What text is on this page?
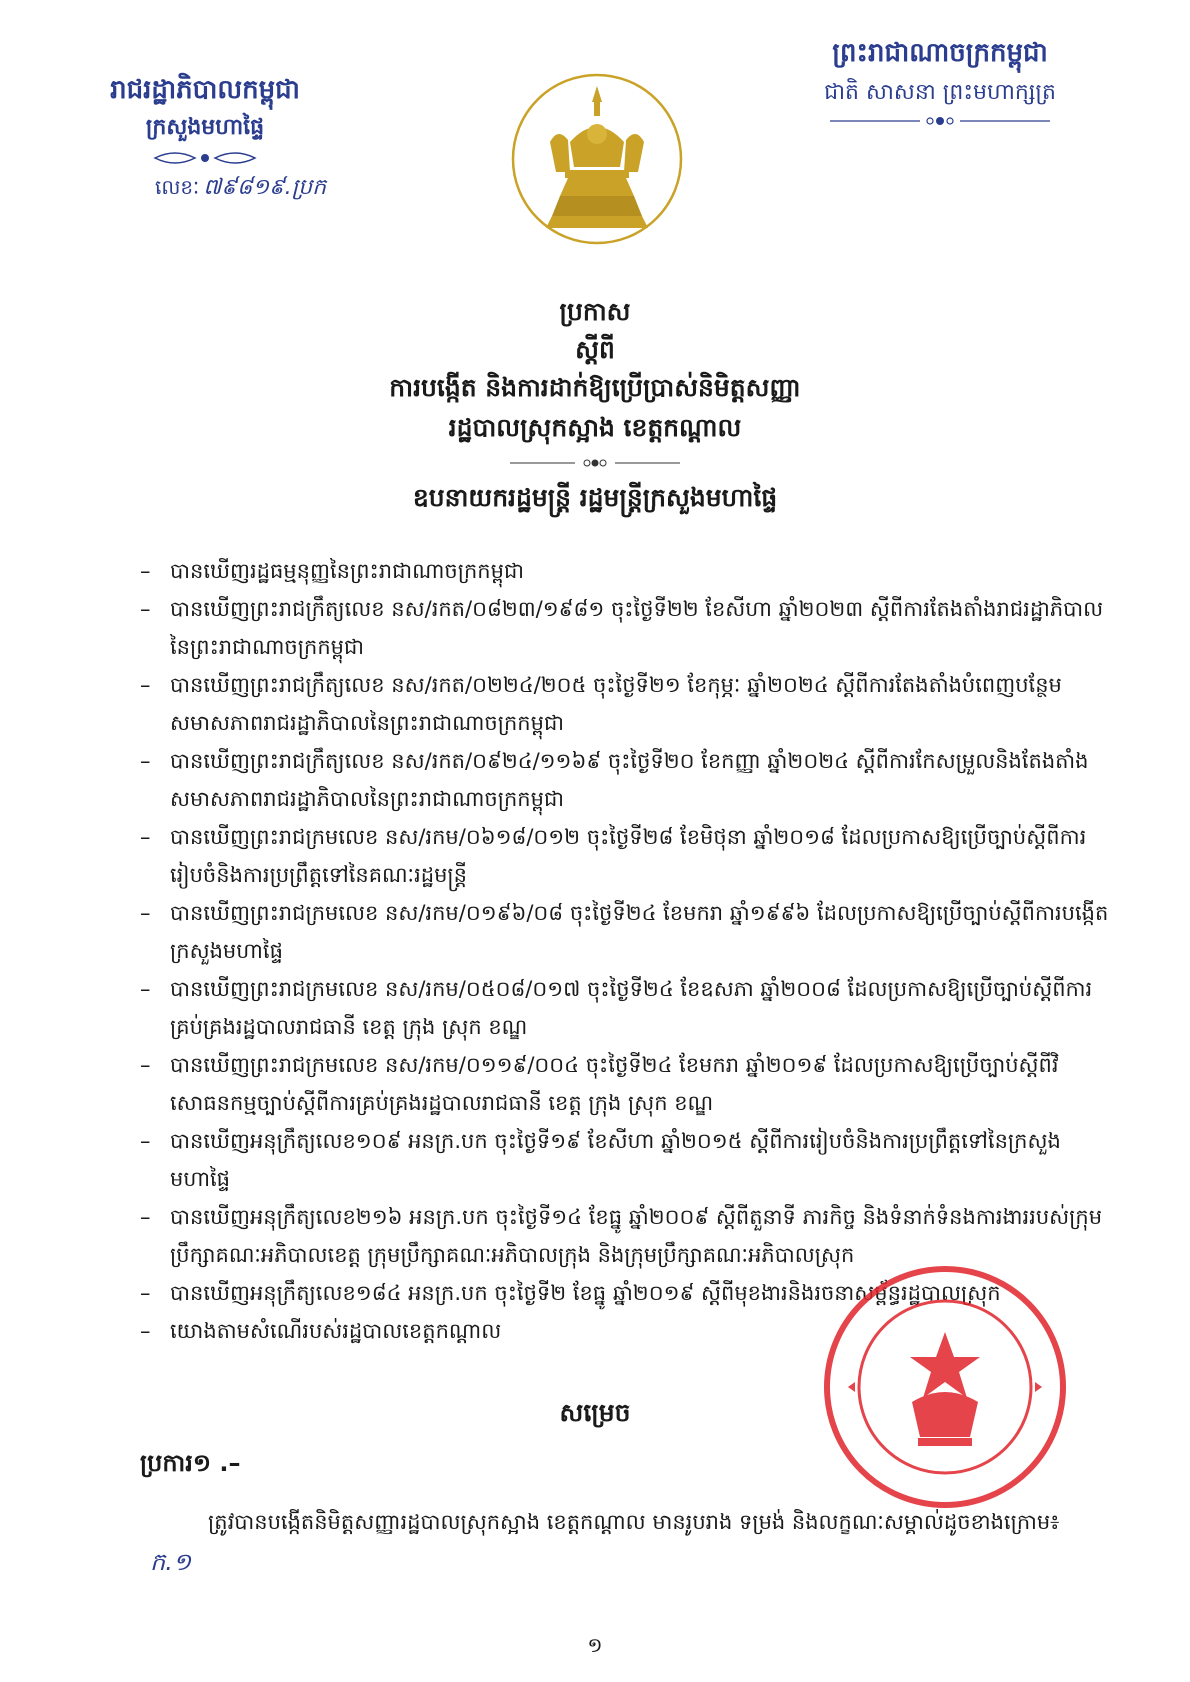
រាជរដ្ឋាភិបាលកម្ពុជា
ក្រសួងមហាផ្ទៃ
លេខៈ ៧៩៨១៩.ប្រក
ព្រះរាជាណាចក្រកម្ពុជា
ជាតិ សាសនា ព្រះមហាក្សត្រ
ប្រកាស
ស្តីពី
ការបង្កើត និងការដាក់ឱ្យប្រើប្រាស់និមិត្តសញ្ញា
រដ្ឋបាលស្រុកស្អាង ខេត្តកណ្តាល
ឧបនាយករដ្ឋមន្ត្រី រដ្ឋមន្ត្រីក្រសួងមហាផ្ទៃ
– បានឃើញរដ្ឋធម្មនុញ្ញនៃព្រះរាជាណាចក្រកម្ពុជា
– បានឃើញព្រះរាជក្រឹត្យលេខ នស/រកត/០៨២៣/១៩៨១ ចុះថ្ងៃទី២២ ខែសីហា ឆ្នាំ២០២៣ ស្តីពីការតែងតាំងរាជរដ្ឋាភិបាលនៃព្រះរាជាណាចក្រកម្ពុជា
– បានឃើញព្រះរាជក្រឹត្យលេខ នស/រកត/០២២៤/២០៥ ចុះថ្ងៃទី២១ ខែកុម្ភៈ ឆ្នាំ២០២៤ ស្តីពីការតែងតាំងបំពេញបន្ថែមសមាសភាពរាជរដ្ឋាភិបាលនៃព្រះរាជាណាចក្រកម្ពុជា
– បានឃើញព្រះរាជក្រឹត្យលេខ នស/រកត/០៩២៤/១១៦៩ ចុះថ្ងៃទី២០ ខែកញ្ញា ឆ្នាំ២០២៤ ស្តីពីការកែសម្រួលនិងតែងតាំងសមាសភាពរាជរដ្ឋាភិបាលនៃព្រះរាជាណាចក្រកម្ពុជា
– បានឃើញព្រះរាជក្រមលេខ នស/រកម/០៦១៨/០១២ ចុះថ្ងៃទី២៨ ខែមិថុនា ឆ្នាំ២០១៨ ដែលប្រកាសឱ្យប្រើច្បាប់ស្តីពីការរៀបចំនិងការប្រព្រឹត្តទៅនៃគណៈរដ្ឋមន្ត្រី
– បានឃើញព្រះរាជក្រមលេខ នស/រកម/០១៩៦/០៨ ចុះថ្ងៃទី២៤ ខែមករា ឆ្នាំ១៩៩៦ ដែលប្រកាសឱ្យប្រើច្បាប់ស្តីពីការបង្កើតក្រសួងមហាផ្ទៃ
– បានឃើញព្រះរាជក្រមលេខ នស/រកម/០៥០៨/០១៧ ចុះថ្ងៃទី២៤ ខែឧសភា ឆ្នាំ២០០៨ ដែលប្រកាសឱ្យប្រើច្បាប់ស្តីពីការគ្រប់គ្រងរដ្ឋបាលរាជធានី ខេត្ត ក្រុង ស្រុក ខណ្ឌ
– បានឃើញព្រះរាជក្រមលេខ នស/រកម/០១១៩/០០៤ ចុះថ្ងៃទី២៤ ខែមករា ឆ្នាំ២០១៩ ដែលប្រកាសឱ្យប្រើច្បាប់ស្តីពីវិសោធនកម្មច្បាប់ស្តីពីការគ្រប់គ្រងរដ្ឋបាលរាជធានី ខេត្ត ក្រុង ស្រុក ខណ្ឌ
– បានឃើញអនុក្រឹត្យលេខ១០៩ អនក្រ.បក ចុះថ្ងៃទី១៩ ខែសីហា ឆ្នាំ២០១៥ ស្តីពីការរៀបចំនិងការប្រព្រឹត្តទៅនៃក្រសួងមហាផ្ទៃ
– បានឃើញអនុក្រឹត្យលេខ២១៦ អនក្រ.បក ចុះថ្ងៃទី១៤ ខែធ្នូ ឆ្នាំ២០០៩ ស្តីពីតួនាទី ភារកិច្ច និងទំនាក់ទំនងការងាររបស់ក្រុមប្រឹក្សាគណៈអភិបាលខេត្ត ក្រុមប្រឹក្សាគណៈអភិបាលក្រុង និងក្រុមប្រឹក្សាគណៈអភិបាលស្រុក
– បានឃើញអនុក្រឹត្យលេខ១៨៤ អនក្រ.បក ចុះថ្ងៃទី២ ខែធ្នូ ឆ្នាំ២០១៩ ស្តីពីមុខងារនិងរចនាសម្ព័ន្ធរដ្ឋបាលស្រុក
– យោងតាមសំណើរបស់រដ្ឋបាលខេត្តកណ្តាល
សម្រេច
ប្រការ១ .–
ត្រូវបានបង្កើតនិមិត្តសញ្ញារដ្ឋបាលស្រុកស្អាង ខេត្តកណ្តាល មានរូបរាង ទម្រង់ និងលក្ខណៈសម្គាល់ដូចខាងក្រោម៖ ក.១
១
